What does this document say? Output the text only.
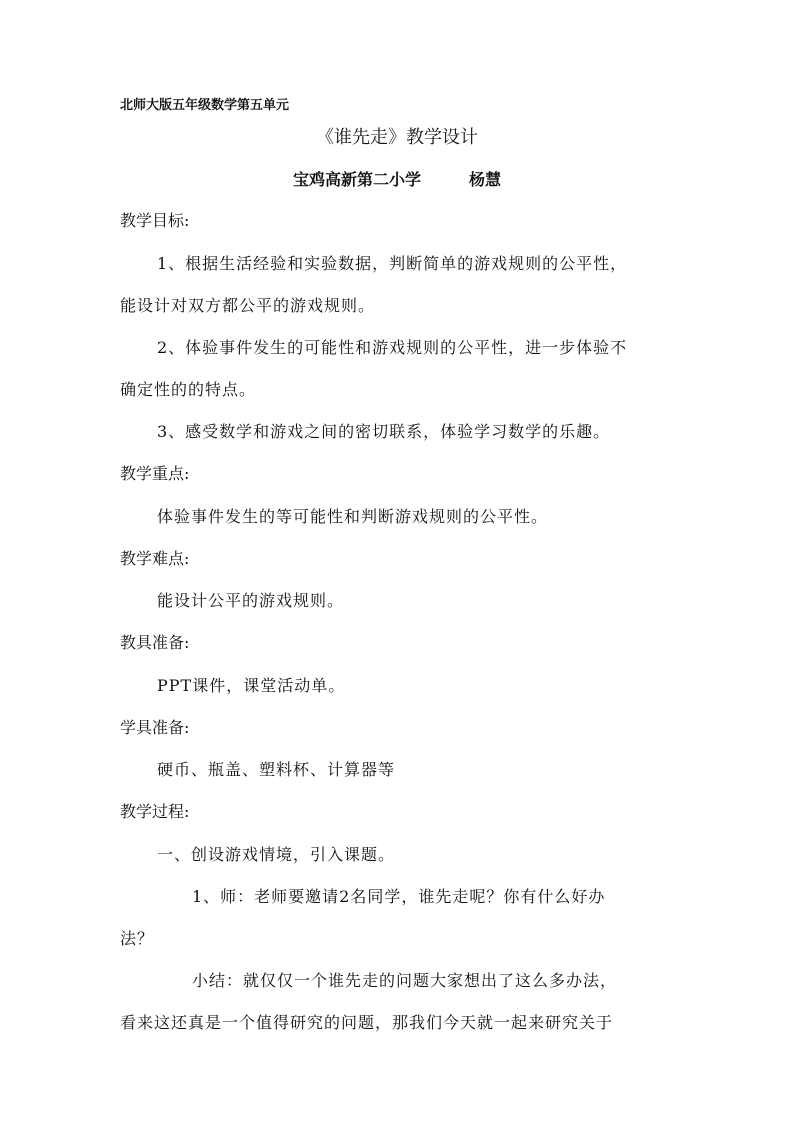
北师大版五年级数学第五单元
《谁先走》教学设计
宝鸡高新第二小学	杨慧
教学目标:
1、根据生活经验和实验数据，判断简单的游戏规则的公平性，
能设计对双方都公平的游戏规则。
2、体验事件发生的可能性和游戏规则的公平性，进一步体验不
确定性的的特点。
3、感受数学和游戏之间的密切联系，体验学习数学的乐趣。
教学重点:
体验事件发生的等可能性和判断游戏规则的公平性。
教学难点:
能设计公平的游戏规则。
教具准备:
PPT课件，课堂活动单。
学具准备:
硬币、瓶盖、塑料杯、计算器等
教学过程:
一、创设游戏情境，引入课题。
1、师：老师要邀请2名同学，谁先走呢？你有什么好办
法？
小结：就仅仅一个谁先走的问题大家想出了这么多办法，
看来这还真是一个值得研究的问题，那我们今天就一起来研究关于
